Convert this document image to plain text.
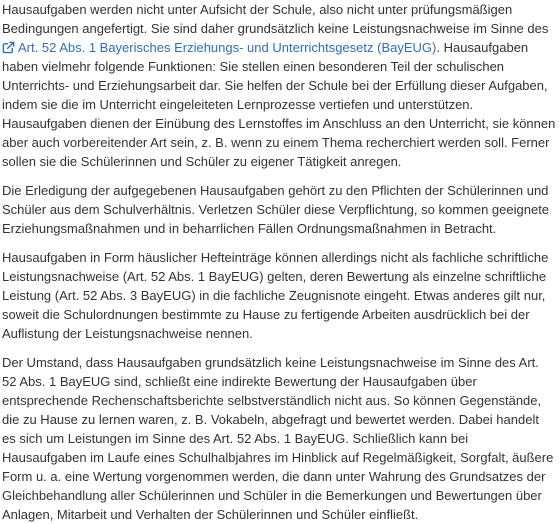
Hausaufgaben werden nicht unter Aufsicht der Schule, also nicht unter prüfungsmäßigen Bedingungen angefertigt. Sie sind daher grundsätzlich keine Leistungsnachweise im Sinne des Art. 52 Abs. 1 Bayerisches Erziehungs- und Unterrichtsgesetz (BayEUG). Hausaufgaben haben vielmehr folgende Funktionen: Sie stellen einen besonderen Teil der schulischen Unterrichts- und Erziehungsarbeit dar. Sie helfen der Schule bei der Erfüllung dieser Aufgaben, indem sie die im Unterricht eingeleiteten Lernprozesse vertiefen und unterstützen. Hausaufgaben dienen der Einübung des Lernstoffes im Anschluss an den Unterricht, sie können aber auch vorbereitender Art sein, z. B. wenn zu einem Thema recherchiert werden soll. Ferner sollen sie die Schülerinnen und Schüler zu eigener Tätigkeit anregen.

Die Erledigung der aufgegebenen Hausaufgaben gehört zu den Pflichten der Schülerinnen und Schüler aus dem Schulverhältnis. Verletzen Schüler diese Verpflichtung, so kommen geeignete Erziehungsmaßnahmen und in beharrlichen Fällen Ordnungsmaßnahmen in Betracht.

Hausaufgaben in Form häuslicher Hefteinträge können allerdings nicht als fachliche schriftliche Leistungsnachweise (Art. 52 Abs. 1 BayEUG) gelten, deren Bewertung als einzelne schriftliche Leistung (Art. 52 Abs. 3 BayEUG) in die fachliche Zeugnisnote eingeht. Etwas anderes gilt nur, soweit die Schulordnungen bestimmte zu Hause zu fertigende Arbeiten ausdrücklich bei der Auflistung der Leistungsnachweise nennen.

Der Umstand, dass Hausaufgaben grundsätzlich keine Leistungsnachweise im Sinne des Art. 52 Abs. 1 BayEUG sind, schließt eine indirekte Bewertung der Hausaufgaben über entsprechende Rechenschaftsberichte selbstverständlich nicht aus. So können Gegenstände, die zu Hause zu lernen waren, z. B. Vokabeln, abgefragt und bewertet werden. Dabei handelt es sich um Leistungen im Sinne des Art. 52 Abs. 1 BayEUG. Schließlich kann bei Hausaufgaben im Laufe eines Schulhalbjahres im Hinblick auf Regelmäßigkeit, Sorgfalt, äußere Form u. a. eine Wertung vorgenommen werden, die dann unter Wahrung des Grundsatzes der Gleichbehandlung aller Schülerinnen und Schüler in die Bemerkungen und Bewertungen über Anlagen, Mitarbeit und Verhalten der Schülerinnen und Schüler einfließt.
